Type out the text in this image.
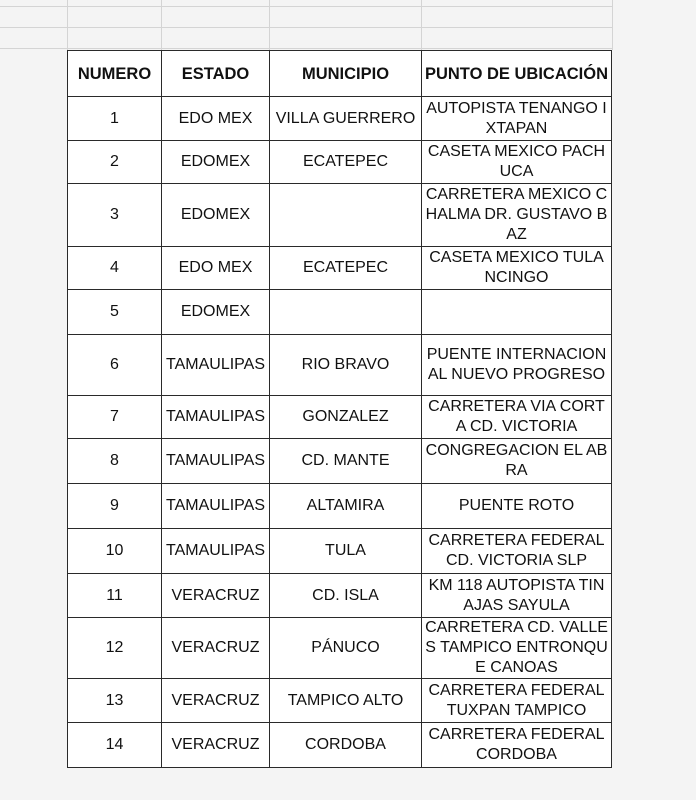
NUMERO	ESTADO	MUNICIPIO	PUNTO DE UBICACIÓN
1	EDO MEX	VILLA GUERRERO	AUTOPISTA TENANGO IXTAPAN
2	EDOMEX	ECATEPEC	CASETA MEXICO PACHUCA
3	EDOMEX		CARRETERA MEXICO CHALMA DR. GUSTAVO BAZ
4	EDO MEX	ECATEPEC	CASETA MEXICO TULANCINGO
5	EDOMEX		
6	TAMAULIPAS	RIO BRAVO	PUENTE INTERNACIONAL NUEVO PROGRESO
7	TAMAULIPAS	GONZALEZ	CARRETERA VIA CORTA CD. VICTORIA
8	TAMAULIPAS	CD. MANTE	CONGREGACION EL ABRA
9	TAMAULIPAS	ALTAMIRA	PUENTE ROTO
10	TAMAULIPAS	TULA	CARRETERA FEDERAL CD. VICTORIA SLP
11	VERACRUZ	CD. ISLA	KM 118 AUTOPISTA TINAJAS SAYULA
12	VERACRUZ	PÁNUCO	CARRETERA CD. VALLES TAMPICO ENTRONQUE CANOAS
13	VERACRUZ	TAMPICO ALTO	CARRETERA FEDERAL TUXPAN TAMPICO
14	VERACRUZ	CORDOBA	CARRETERA FEDERAL CORDOBA
